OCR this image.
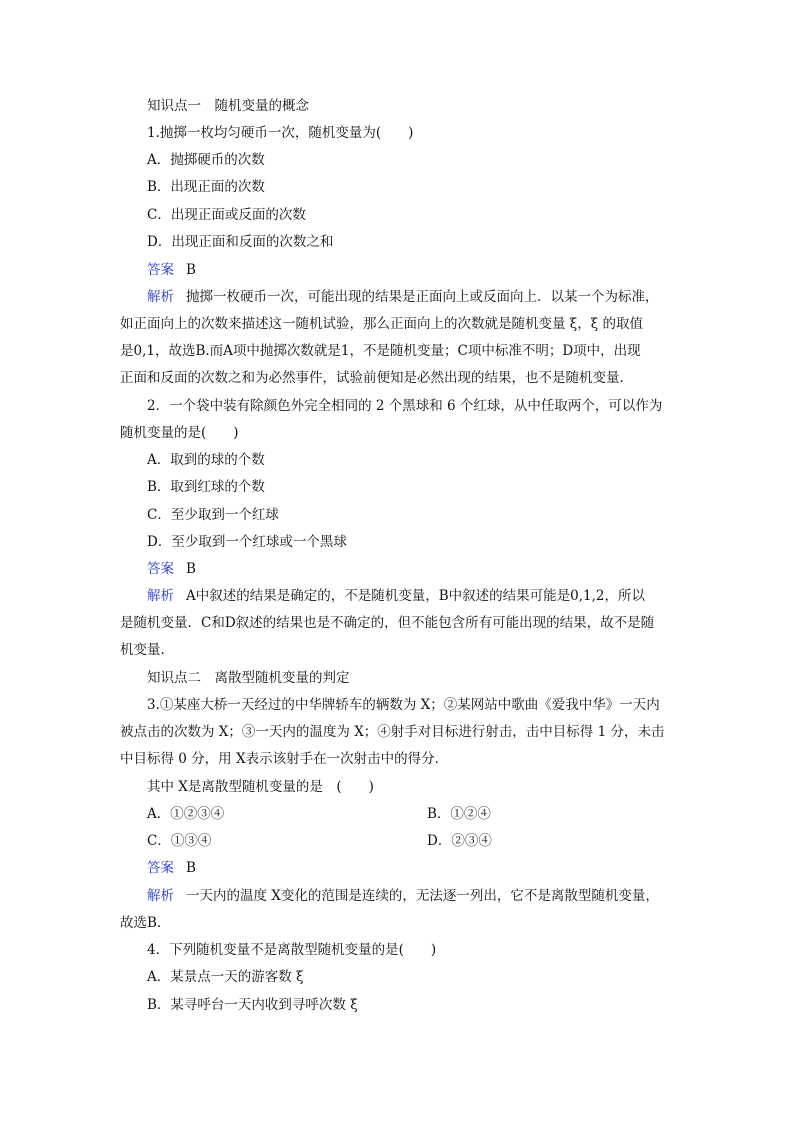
知识点一　随机变量的概念
1.抛掷一枚均匀硬币一次，随机变量为(　　)
A．抛掷硬币的次数
B．出现正面的次数
C．出现正面或反面的次数
D．出现正面和反面的次数之和
答案 B
解析 抛掷一枚硬币一次，可能出现的结果是正面向上或反面向上．以某一个为标准，
如正面向上的次数来描述这一随机试验，那么正面向上的次数就是随机变量 ξ，ξ 的取值
是0,1，故选B.而A项中抛掷次数就是1，不是随机变量；C项中标准不明；D项中，出现
正面和反面的次数之和为必然事件，试验前便知是必然出现的结果，也不是随机变量．
2．一个袋中装有除颜色外完全相同的 2 个黑球和 6 个红球，从中任取两个，可以作为
随机变量的是(　　)
A．取到的球的个数
B．取到红球的个数
C．至少取到一个红球
D．至少取到一个红球或一个黑球
答案 B
解析 A中叙述的结果是确定的，不是随机变量，B中叙述的结果可能是0,1,2，所以
是随机变量．C和D叙述的结果也是不确定的，但不能包含所有可能出现的结果，故不是随
机变量.
知识点二　离散型随机变量的判定
3.①某座大桥一天经过的中华牌轿车的辆数为 X；②某网站中歌曲《爱我中华》一天内
被点击的次数为 X；③一天内的温度为 X；④射手对目标进行射击，击中目标得 1 分，未击
中目标得 0 分，用 X表示该射手在一次射击中的得分．
其中 X是离散型随机变量的是　(　　)
A．①②③④	B．①②④
C．①③④	D．②③④
答案 B
解析 一天内的温度 X变化的范围是连续的，无法逐一列出，它不是离散型随机变量，
故选B.
4．下列随机变量不是离散型随机变量的是(　　)
A．某景点一天的游客数 ξ
B．某寻呼台一天内收到寻呼次数 ξ
